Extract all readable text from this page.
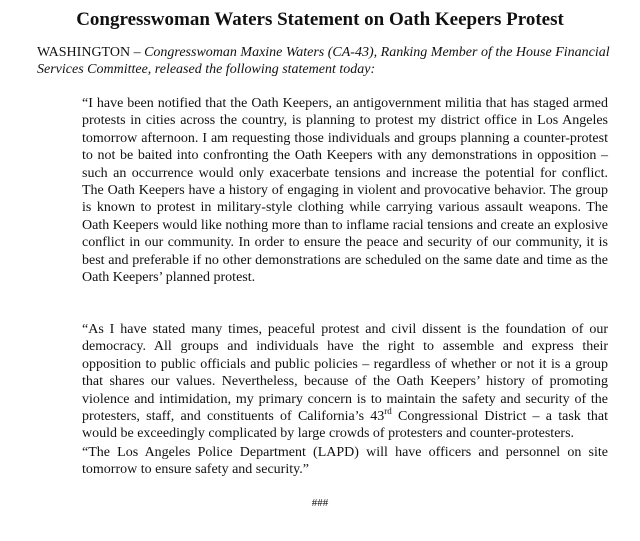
Congresswoman Waters Statement on Oath Keepers Protest

WASHINGTON – Congresswoman Maxine Waters (CA-43), Ranking Member of the House Financial Services Committee, released the following statement today:

“I have been notified that the Oath Keepers, an antigovernment militia that has staged armed protests in cities across the country, is planning to protest my district office in Los Angeles tomorrow afternoon. I am requesting those individuals and groups planning a counter-protest to not be baited into confronting the Oath Keepers with any demonstrations in opposition – such an occurrence would only exacerbate tensions and increase the potential for conflict. The Oath Keepers have a history of engaging in violent and provocative behavior. The group is known to protest in military-style clothing while carrying various assault weapons. The Oath Keepers would like nothing more than to inflame racial tensions and create an explosive conflict in our community. In order to ensure the peace and security of our community, it is best and preferable if no other demonstrations are scheduled on the same date and time as the Oath Keepers’ planned protest.

“As I have stated many times, peaceful protest and civil dissent is the foundation of our democracy. All groups and individuals have the right to assemble and express their opposition to public officials and public policies – regardless of whether or not it is a group that shares our values. Nevertheless, because of the Oath Keepers’ history of promoting violence and intimidation, my primary concern is to maintain the safety and security of the protesters, staff, and constituents of California’s 43rd Congressional District – a task that would be exceedingly complicated by large crowds of protesters and counter-protesters.

“The Los Angeles Police Department (LAPD) will have officers and personnel on site tomorrow to ensure safety and security.”

###
